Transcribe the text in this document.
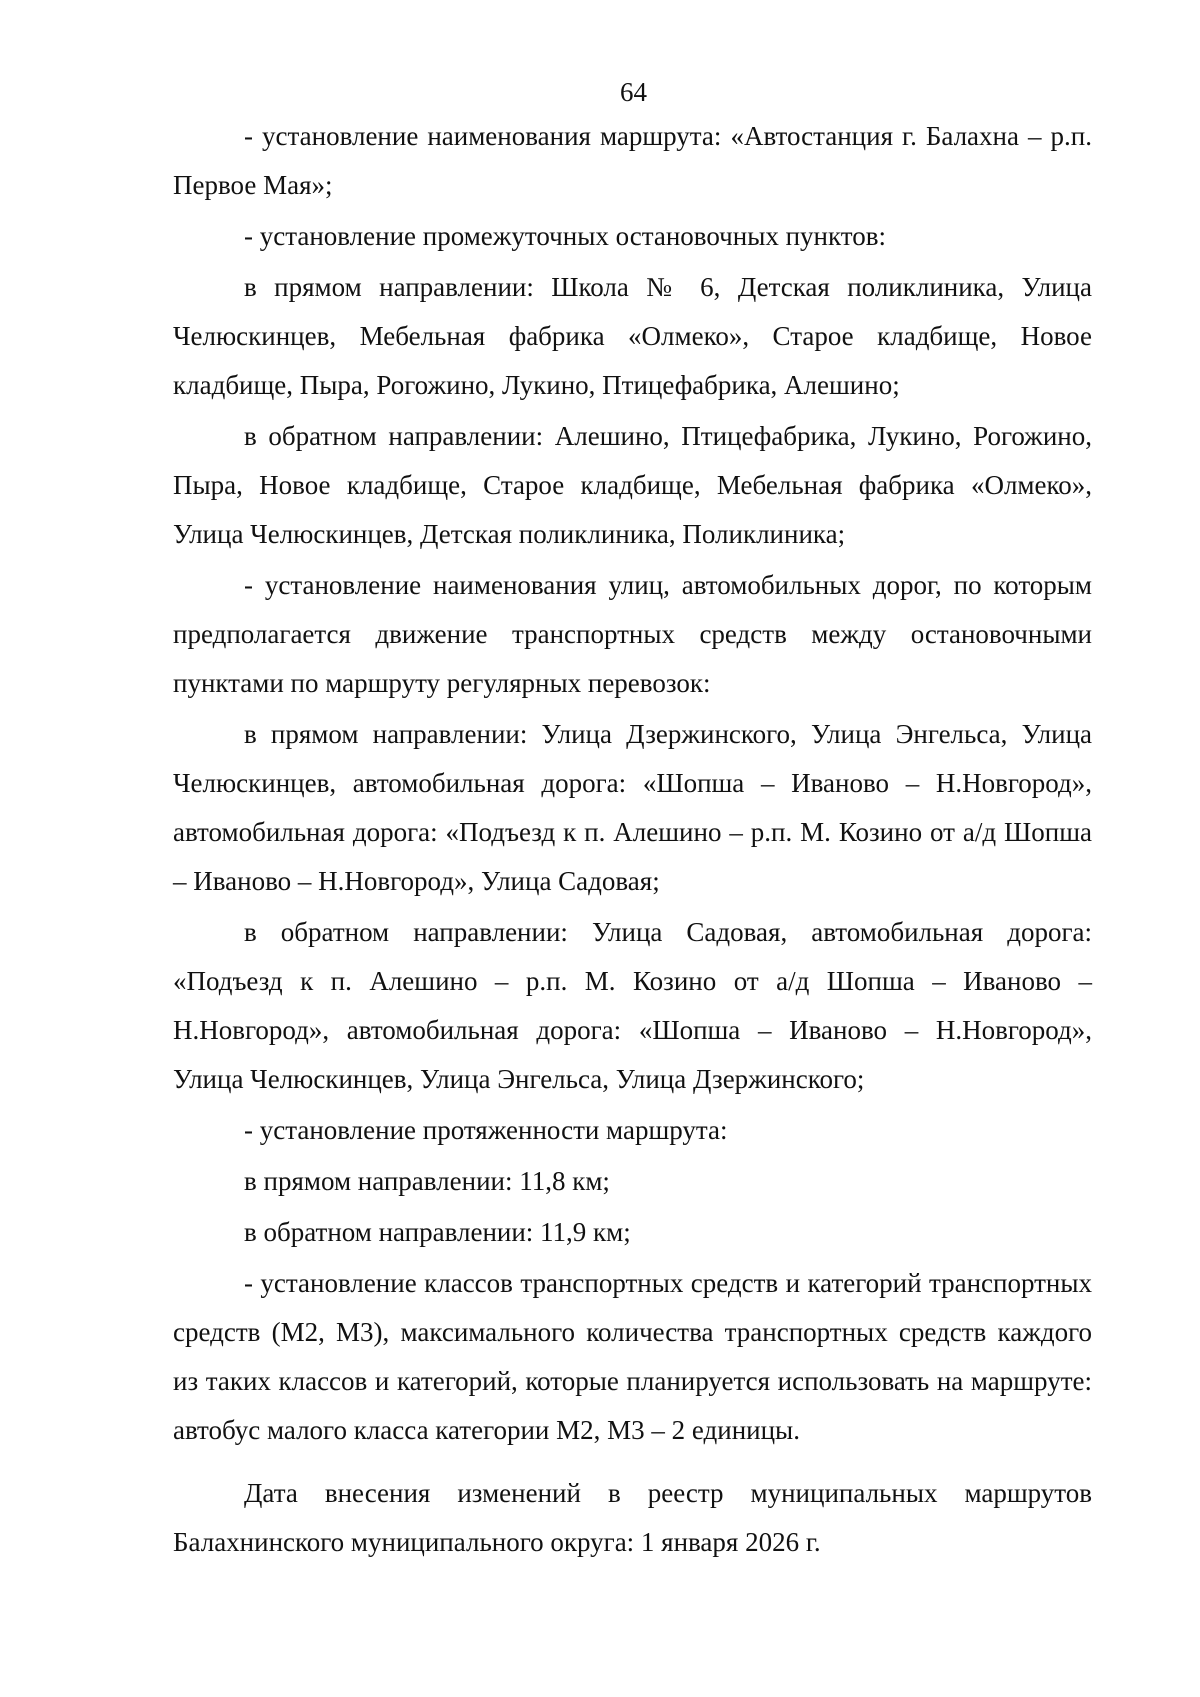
64

- установление наименования маршрута: «Автостанция г. Балахна – р.п. Первое Мая»;

- установление промежуточных остановочных пунктов:

в прямом направлении: Школа № 6, Детская поликлиника, Улица Челюскинцев, Мебельная фабрика «Олмеко», Старое кладбище, Новое кладбище, Пыра, Рогожино, Лукино, Птицефабрика, Алешино;

в обратном направлении: Алешино, Птицефабрика, Лукино, Рогожино, Пыра, Новое кладбище, Старое кладбище, Мебельная фабрика «Олмеко», Улица Челюскинцев, Детская поликлиника, Поликлиника;

- установление наименования улиц, автомобильных дорог, по которым предполагается движение транспортных средств между остановочными пунктами по маршруту регулярных перевозок:

в прямом направлении: Улица Дзержинского, Улица Энгельса, Улица Челюскинцев, автомобильная дорога: «Шопша – Иваново – Н.Новгород», автомобильная дорога: «Подъезд к п. Алешино – р.п. М. Козино от а/д Шопша – Иваново – Н.Новгород», Улица Садовая;

в обратном направлении: Улица Садовая, автомобильная дорога: «Подъезд к п. Алешино – р.п. М. Козино от а/д Шопша – Иваново – Н.Новгород», автомобильная дорога: «Шопша – Иваново – Н.Новгород», Улица Челюскинцев, Улица Энгельса, Улица Дзержинского;

- установление протяженности маршрута:

в прямом направлении: 11,8 км;

в обратном направлении: 11,9 км;

- установление классов транспортных средств и категорий транспортных средств (М2, М3), максимального количества транспортных средств каждого из таких классов и категорий, которые планируется использовать на маршруте: автобус малого класса категории М2, М3 – 2 единицы.

Дата внесения изменений в реестр муниципальных маршрутов Балахнинского муниципального округа: 1 января 2026 г.
